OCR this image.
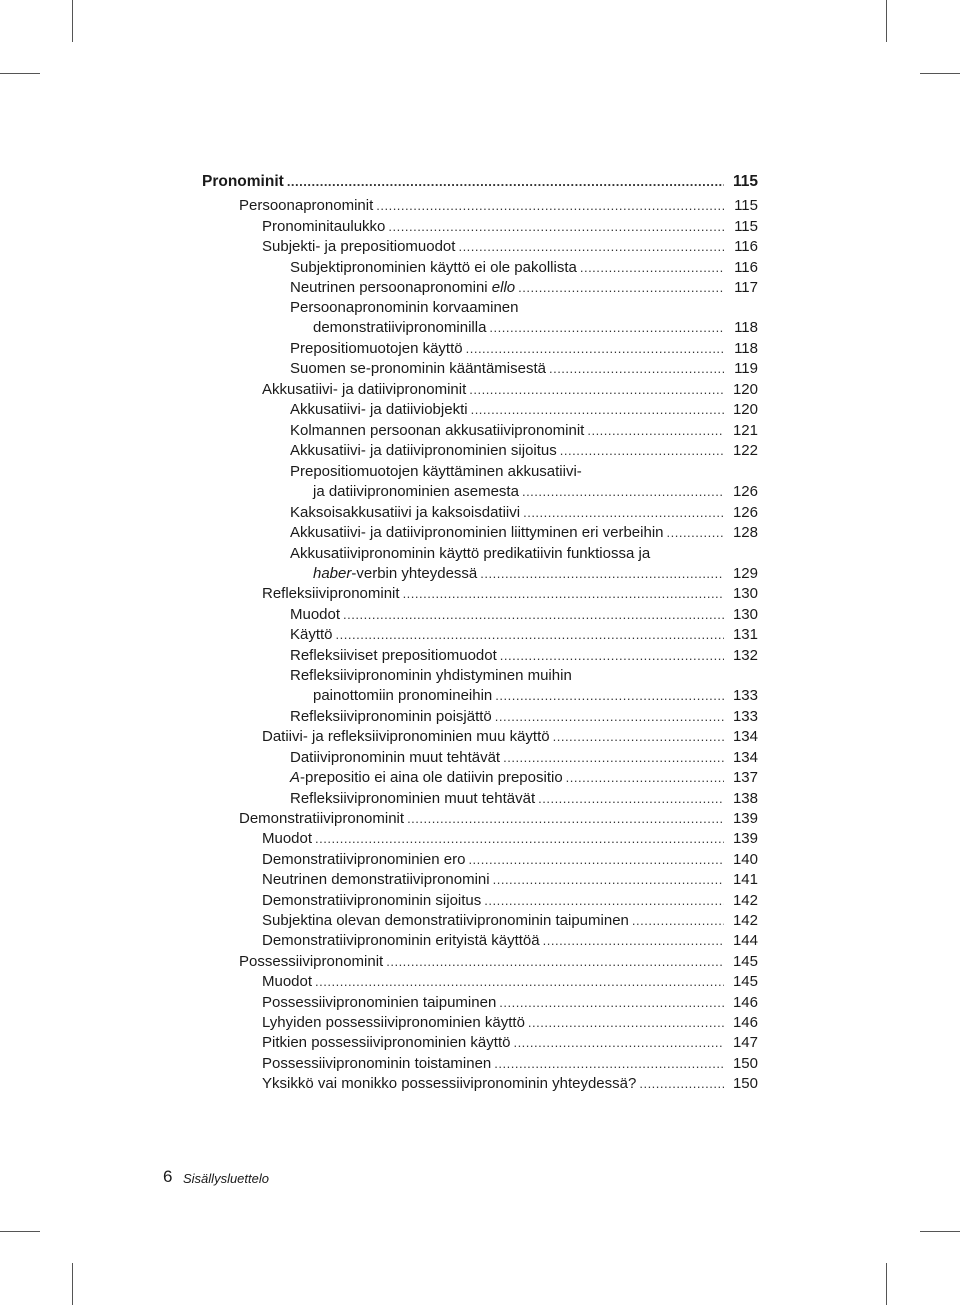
Pronominit .....	115
Persoonapronominit .....	115
Pronominitaulukko .....	115
Subjekti- ja prepositiomuodot .....	116
Subjektipronominien käyttö ei ole pakollista .....	116
Neutrinen persoonapronomini ello .....	117
Persoonapronominin korvaaminen
demonstratiivipronominilla .....	118
Prepositiomuotojen käyttö .....	118
Suomen se-pronominin kääntämisestä .....	119
Akkusatiivi- ja datiivipronominit .....	120
Akkusatiivi- ja datiiviobjekti .....	120
Kolmannen persoonan akkusatiivipronominit .....	121
Akkusatiivi- ja datiivipronominien sijoitus .....	122
Prepositiomuotojen käyttäminen akkusatiivi-
ja datiivipronominien asemesta .....	126
Kaksoisakkusatiivi ja kaksoisdatiivi .....	126
Akkusatiivi- ja datiivipronominien liittyminen eri verbeihin .....	128
Akkusatiivipronominin käyttö predikatiivin funktiossa ja
haber-verbin yhteydessä .....	129
Refleksiivipronominit .....	130
Muodot .....	130
Käyttö .....	131
Refleksiiviset prepositiomuodot .....	132
Refleksiivipronominin yhdistyminen muihin
painottomiin pronomineihin .....	133
Refleksiivipronominin poisjättö .....	133
Datiivi- ja refleksiivipronominien muu käyttö .....	134
Datiivipronominin muut tehtävät .....	134
A-prepositio ei aina ole datiivin prepositio .....	137
Refleksiivipronominien muut tehtävät .....	138
Demonstratiivipronominit .....	139
Muodot .....	139
Demonstratiivipronominien ero .....	140
Neutrinen demonstratiivipronomini .....	141
Demonstratiivipronominin sijoitus .....	142
Subjektina olevan demonstratiivipronominin taipuminen .....	142
Demonstratiivipronominin erityistä käyttöä .....	144
Possessiivipronominit .....	145
Muodot .....	145
Possessiivipronominien taipuminen .....	146
Lyhyiden possessiivipronominien käyttö .....	146
Pitkien possessiivipronominien käyttö .....	147
Possessiivipronominin toistaminen .....	150
Yksikkö vai monikko possessiivipronominin yhteydessä? .....	150
6 Sisällysluettelo
